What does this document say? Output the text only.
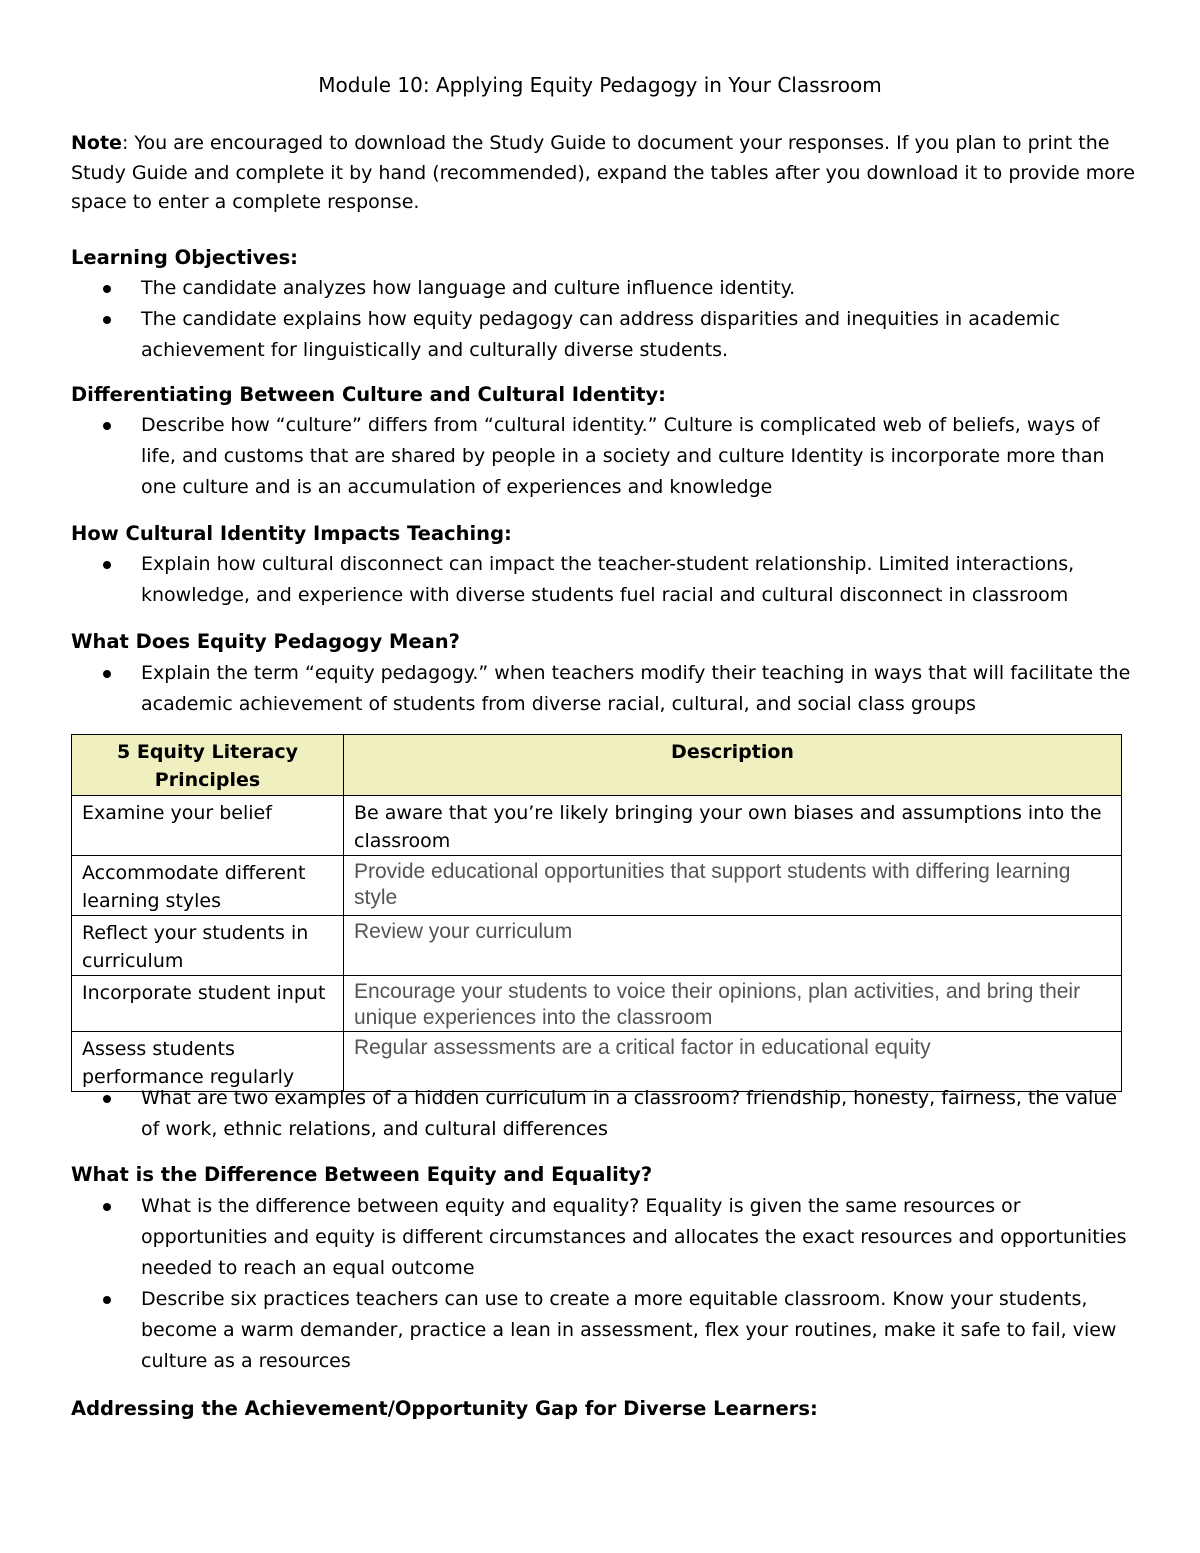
Module 10: Applying Equity Pedagogy in Your Classroom
Note: You are encouraged to download the Study Guide to document your responses. If you plan to print the Study Guide and complete it by hand (recommended), expand the tables after you download it to provide more space to enter a complete response.
Learning Objectives:
The candidate analyzes how language and culture influence identity.
The candidate explains how equity pedagogy can address disparities and inequities in academic achievement for linguistically and culturally diverse students.
Differentiating Between Culture and Cultural Identity:
Describe how “culture” differs from “cultural identity.” Culture is complicated web of beliefs, ways of life, and customs that are shared by people in a society and culture Identity is incorporate more than one culture and is an accumulation of experiences and knowledge
How Cultural Identity Impacts Teaching:
Explain how cultural disconnect can impact the teacher-student relationship. Limited interactions, knowledge, and experience with diverse students fuel racial and cultural disconnect in classroom
What Does Equity Pedagogy Mean?
Explain the term “equity pedagogy.” when teachers modify their teaching in ways that will facilitate the academic achievement of students from diverse racial, cultural, and social class groups
5 Equity Literacy Principles	Description
Examine your belief	Be aware that you’re likely bringing your own biases and assumptions into the classroom
Accommodate different learning styles	Provide educational opportunities that support students with differing learning style
Reflect your students in curriculum	Review your curriculum
Incorporate student input	Encourage your students to voice their opinions, plan activities, and bring their unique experiences into the classroom
Assess students performance regularly	Regular assessments are a critical factor in educational equity
What are two examples of a hidden curriculum in a classroom? friendship, honesty, fairness, the value of work, ethnic relations, and cultural differences
What is the Difference Between Equity and Equality?
What is the difference between equity and equality? Equality is given the same resources or opportunities and equity is different circumstances and allocates the exact resources and opportunities needed to reach an equal outcome
Describe six practices teachers can use to create a more equitable classroom. Know your students, become a warm demander, practice a lean in assessment, flex your routines, make it safe to fail, view culture as a resources
Addressing the Achievement/Opportunity Gap for Diverse Learners:
